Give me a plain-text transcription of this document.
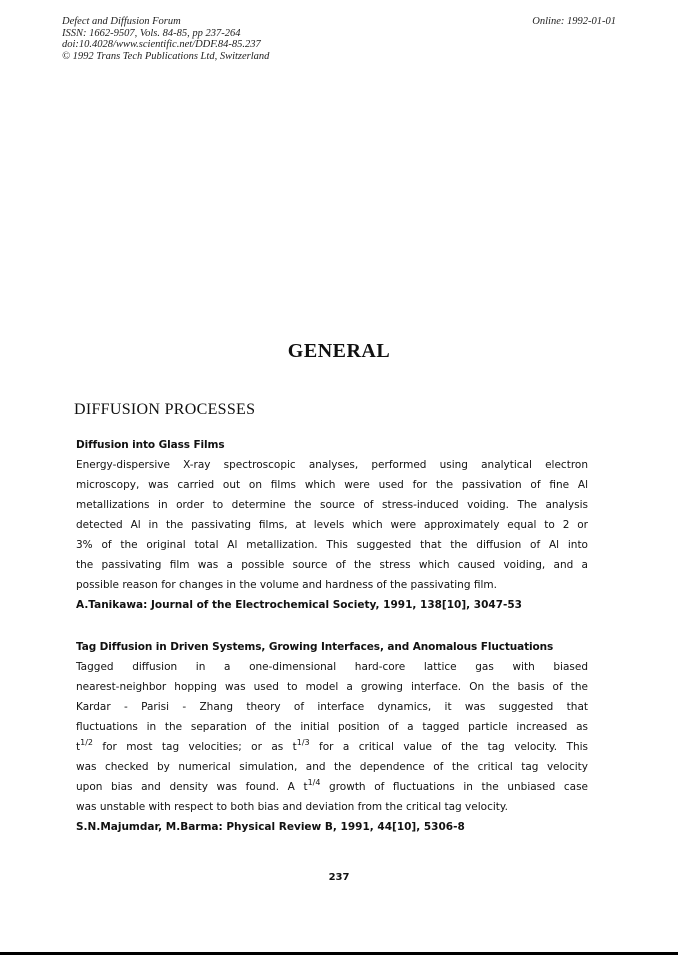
Defect and Diffusion Forum
ISSN: 1662-9507, Vols. 84-85, pp 237-264
doi:10.4028/www.scientific.net/DDF.84-85.237
© 1992 Trans Tech Publications Ltd, Switzerland
Online: 1992-01-01
GENERAL
DIFFUSION PROCESSES
Diffusion into Glass Films
Energy-dispersive X-ray spectroscopic analyses, performed using analytical electron
microscopy, was carried out on films which were used for the passivation of fine Al
metallizations in order to determine the source of stress-induced voiding. The analysis
detected Al in the passivating films, at levels which were approximately equal to 2 or
3% of the original total Al metallization. This suggested that the diffusion of Al into
the passivating film was a possible source of the stress which caused voiding, and a
possible reason for changes in the volume and hardness of the passivating film.
A.Tanikawa: Journal of the Electrochemical Society, 1991, 138[10], 3047-53
Tag Diffusion in Driven Systems, Growing Interfaces, and Anomalous Fluctuations
Tagged diffusion in a one-dimensional hard-core lattice gas with biased
nearest-neighbor hopping was used to model a growing interface. On the basis of the
Kardar - Parisi - Zhang theory of interface dynamics, it was suggested that
fluctuations in the separation of the initial position of a tagged particle increased as
$t^{1/2}$ for most tag velocities; or as $t^{1/3}$ for a critical value of the tag velocity. This
was checked by numerical simulation, and the dependence of the critical tag velocity
upon bias and density was found. A $t^{1/4}$ growth of fluctuations in the unbiased case
was unstable with respect to both bias and deviation from the critical tag velocity.
S.N.Majumdar, M.Barma: Physical Review B, 1991, 44[10], 5306-8
237
